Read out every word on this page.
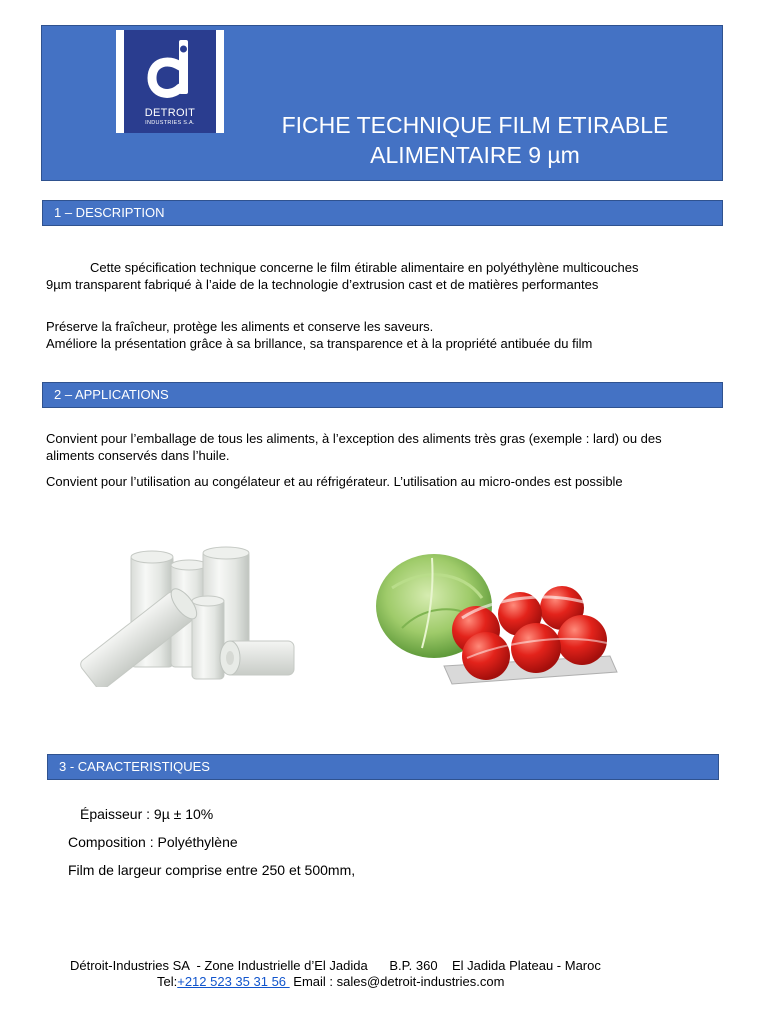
DETROIT
INDUSTRIES S.A.	FICHE TECHNIQUE FILM ETIRABLE
ALIMENTAIRE 9 µm
1 – DESCRIPTION
Cette spécification technique concerne le film étirable alimentaire en polyéthylène multicouches 9µm transparent fabriqué à l’aide de la technologie d’extrusion cast et de matières performantes
Préserve la fraîcheur, protège les aliments et conserve les saveurs.
Améliore la présentation grâce à sa brillance, sa transparence et à la propriété antibuée du film
2 – APPLICATIONS
Convient pour l’emballage de tous les aliments, à l’exception des aliments très gras (exemple : lard) ou des aliments conservés dans l’huile.
Convient pour l’utilisation au congélateur et au réfrigérateur. L’utilisation au micro-ondes est possible
3 - CARACTERISTIQUES
Épaisseur : 9µ ± 10%
Composition : Polyéthylène
Film de largeur comprise entre 250 et 500mm,
Détroit-Industries SA  - Zone Industrielle d’El Jadida      B.P. 360    El Jadida Plateau - Maroc
Tel:+212 523 35 31 56  Email : sales@detroit-industries.com
